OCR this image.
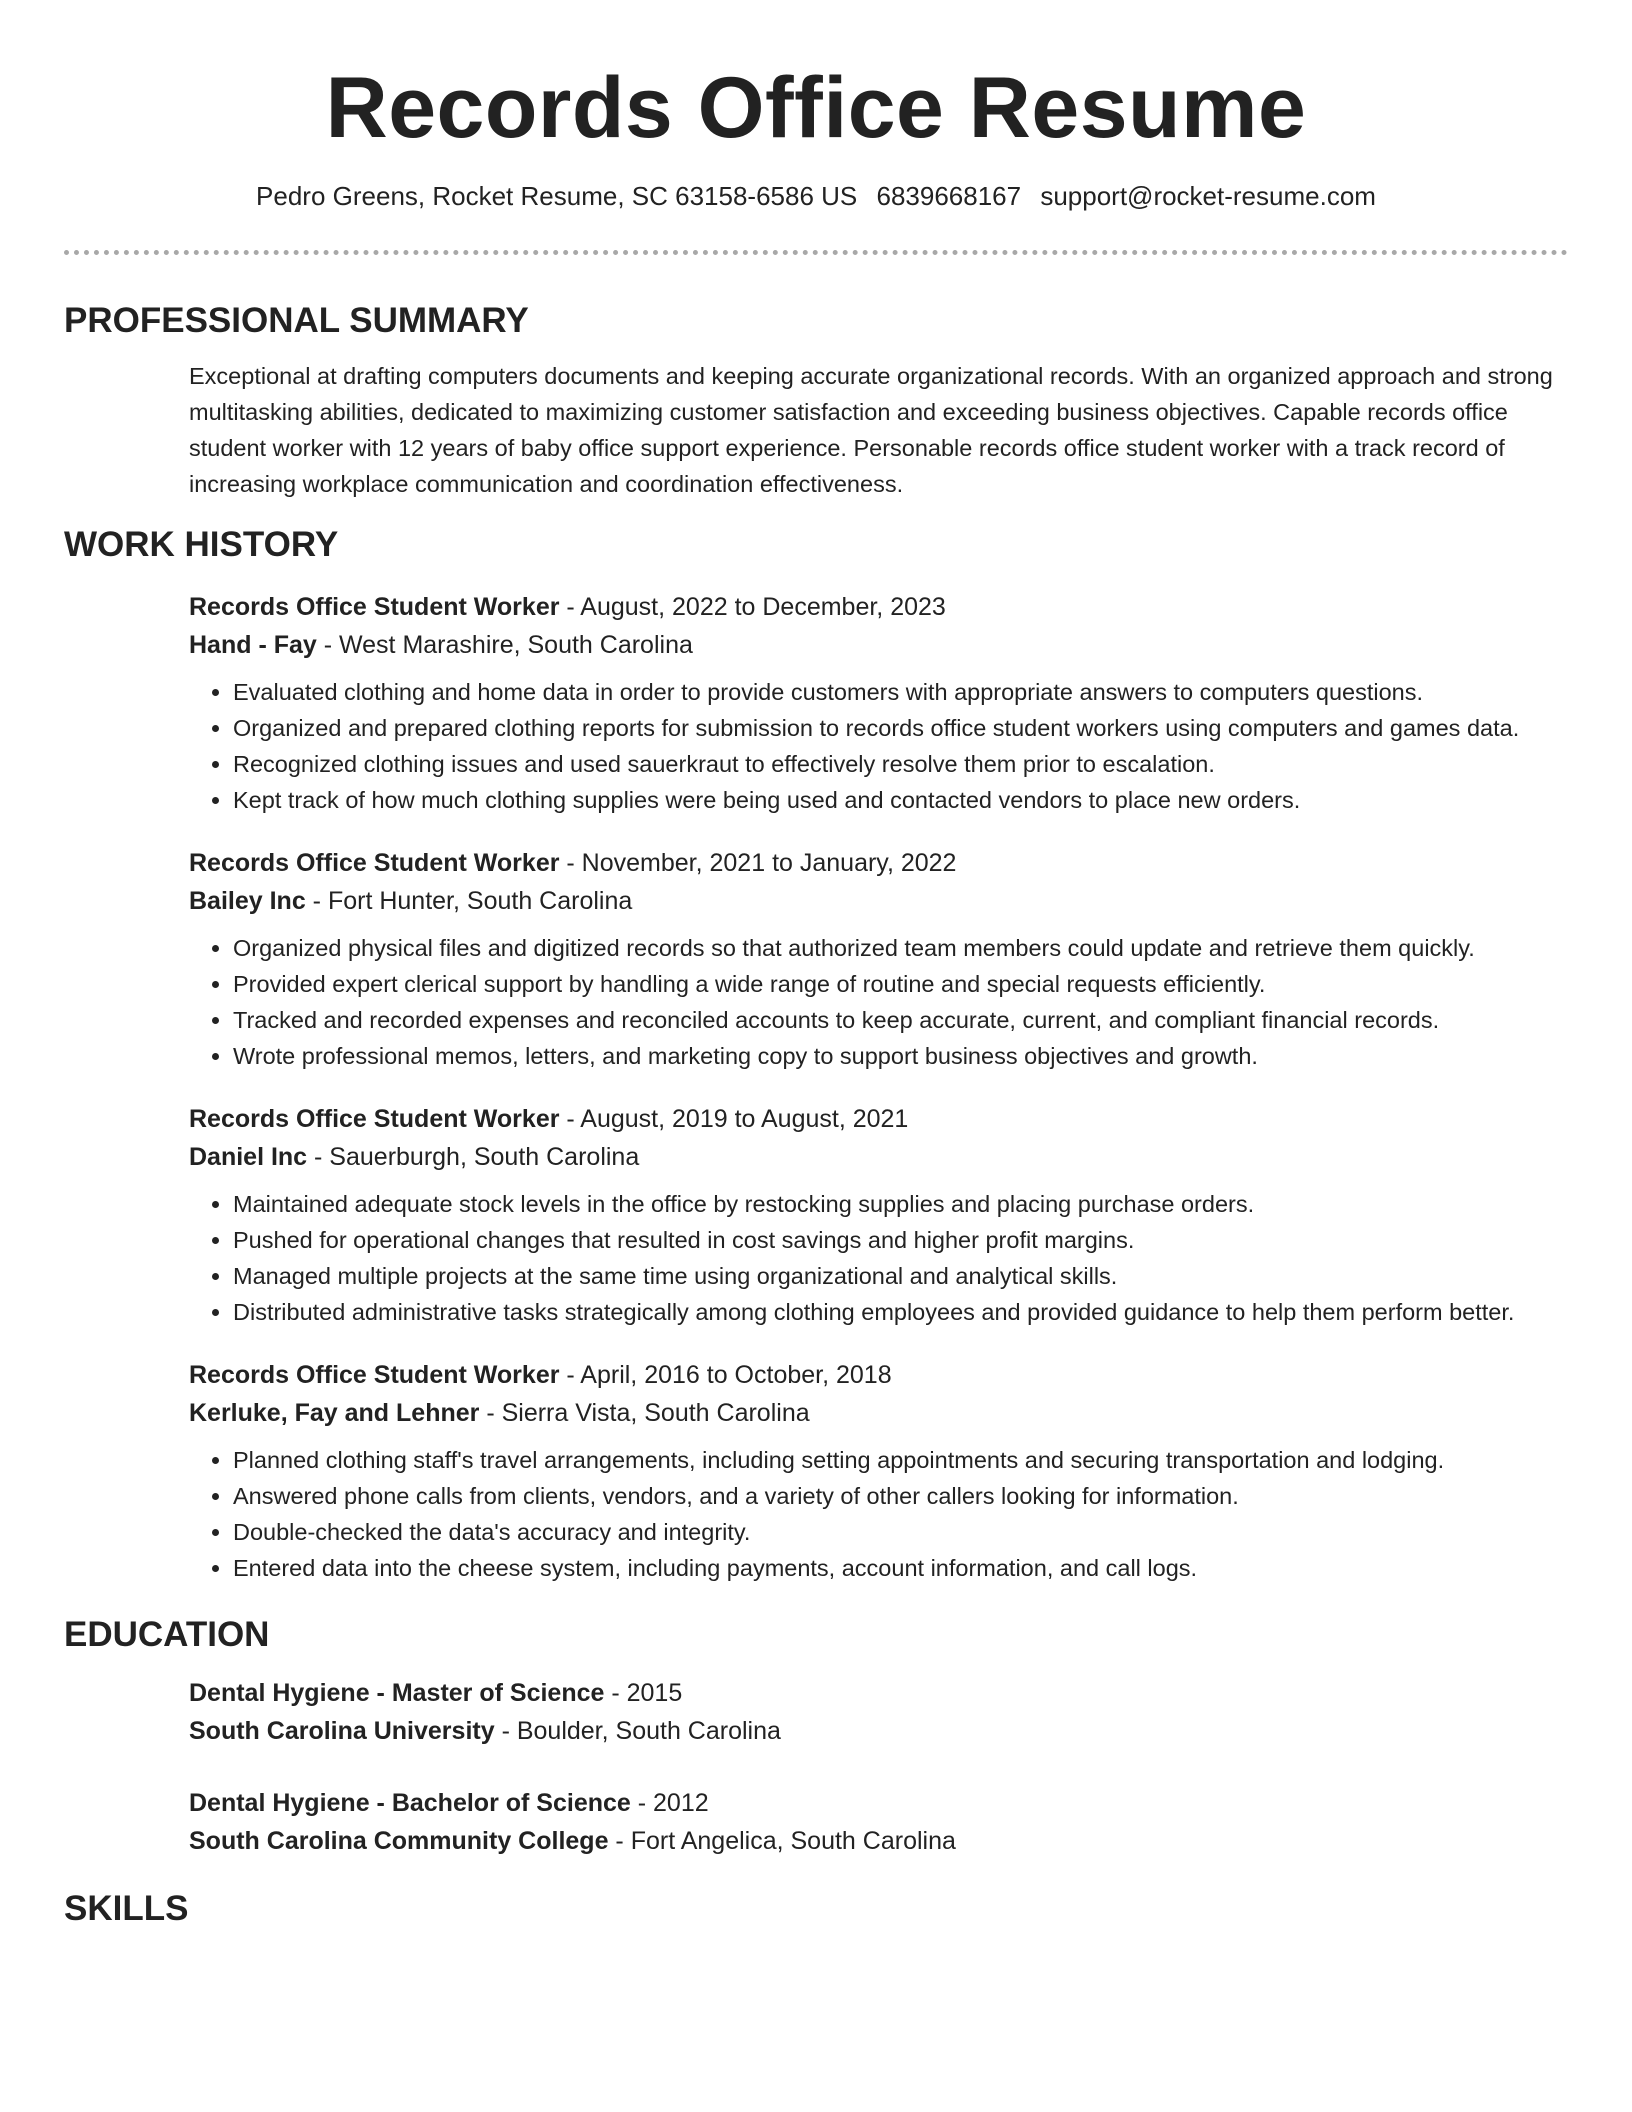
Records Office Resume
Pedro Greens, Rocket Resume, SC 63158-6586 US 6839668167 support@rocket-resume.com
PROFESSIONAL SUMMARY

Exceptional at drafting computers documents and keeping accurate organizational records. With an organized approach and strong multitasking abilities, dedicated to maximizing customer satisfaction and exceeding business objectives. Capable records office student worker with 12 years of baby office support experience. Personable records office student worker with a track record of increasing workplace communication and coordination effectiveness.

WORK HISTORY
Records Office Student Worker - August, 2022 to December, 2023
Hand - Fay - West Marashire, South Carolina
• Evaluated clothing and home data in order to provide customers with appropriate answers to computers questions.
• Organized and prepared clothing reports for submission to records office student workers using computers and games data.
• Recognized clothing issues and used sauerkraut to effectively resolve them prior to escalation.
• Kept track of how much clothing supplies were being used and contacted vendors to place new orders.
Records Office Student Worker - November, 2021 to January, 2022
Bailey Inc - Fort Hunter, South Carolina
• Organized physical files and digitized records so that authorized team members could update and retrieve them quickly.
• Provided expert clerical support by handling a wide range of routine and special requests efficiently.
• Tracked and recorded expenses and reconciled accounts to keep accurate, current, and compliant financial records.
• Wrote professional memos, letters, and marketing copy to support business objectives and growth.
Records Office Student Worker - August, 2019 to August, 2021
Daniel Inc - Sauerburgh, South Carolina
• Maintained adequate stock levels in the office by restocking supplies and placing purchase orders.
• Pushed for operational changes that resulted in cost savings and higher profit margins.
• Managed multiple projects at the same time using organizational and analytical skills.
• Distributed administrative tasks strategically among clothing employees and provided guidance to help them perform better.
Records Office Student Worker - April, 2016 to October, 2018
Kerluke, Fay and Lehner - Sierra Vista, South Carolina
• Planned clothing staff's travel arrangements, including setting appointments and securing transportation and lodging.
• Answered phone calls from clients, vendors, and a variety of other callers looking for information.
• Double-checked the data's accuracy and integrity.
• Entered data into the cheese system, including payments, account information, and call logs.
EDUCATION
Dental Hygiene - Master of Science - 2015
South Carolina University - Boulder, South Carolina
Dental Hygiene - Bachelor of Science - 2012
South Carolina Community College - Fort Angelica, South Carolina
SKILLS
